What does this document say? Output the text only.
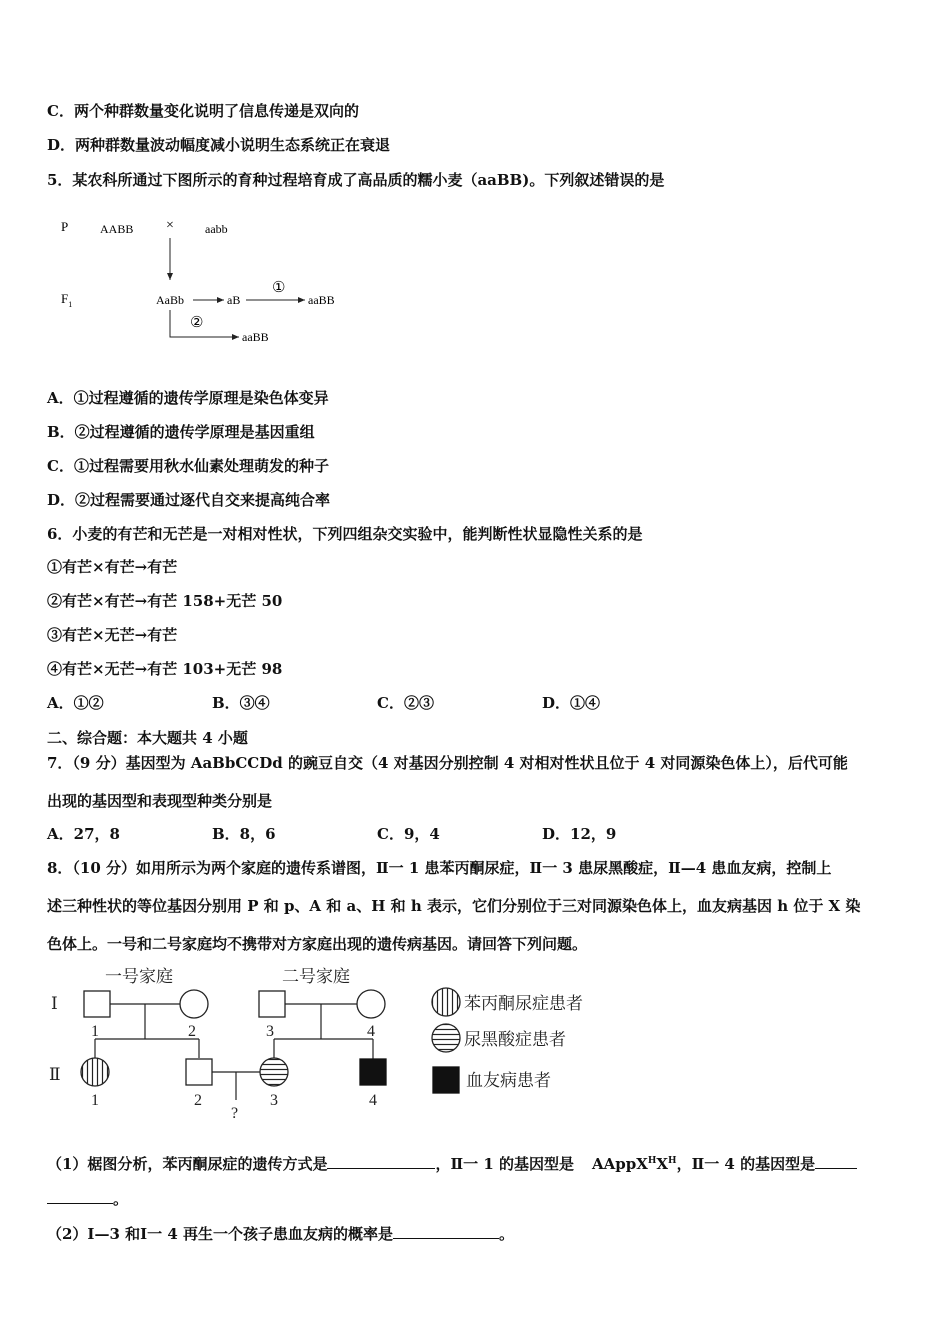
C．两个种群数量变化说明了信息传递是双向的
D．两种群数量波动幅度减小说明生态系统正在衰退
5．某农科所通过下图所示的育种过程培育成了高品质的糯小麦（aaBB)。下列叙述错误的是
P	AABB ×	aabb
$F_1$	AaBb	aB
①
aaBB
②
aaBB
A．①过程遵循的遗传学原理是染色体变异
B．②过程遵循的遗传学原理是基因重组
C．①过程需要用秋水仙素处理萌发的种子
D．②过程需要通过逐代自交来提高纯合率
6．小麦的有芒和无芒是一对相对性状，下列四组杂交实验中，能判断性状显隐性关系的是
①有芒×有芒→有芒
②有芒×有芒→有芒 158+无芒 50
③有芒×无芒→有芒
④有芒×无芒→有芒 103+无芒 98
A．①②	B．③④	C．②③	D．①④
二、综合题：本大题共 4 小题
7．（9 分）基因型为 AaBbCCDd 的豌豆自交（4 对基因分别控制 4 对相对性状且位于 4 对同源染色体上），后代可能
出现的基因型和表现型种类分别是
A．27，8	B．8，6	C．9，4	D．12，9
8．（10 分）如用所示为两个家庭的遗传系谱图，Ⅱ一 1 患苯丙酮尿症，Ⅱ一 3 患尿黑酸症，Ⅱ—4 患血友病，控制上
述三种性状的等位基因分别用 P 和 p、A 和 a、H 和 h 表示，它们分别位于三对同源染色体上，血友病基因 h 位于 X 染
色体上。一号和二号家庭均不携带对方家庭出现的遗传病基因。请回答下列问题。
一号家庭	二号家庭
Ⅰ
Ⅱ
1	2	3	4
1	2	3	4
?
苯丙酮尿症患者
尿黑酸症患者
血友病患者
（1）椐图分析，苯丙酮尿症的遗传方式是	，Ⅱ一 1 的基因型是 $AAppX^HX^H$，Ⅱ一 4 的基因型是
。
（2）Ⅰ—3 和Ⅰ一 4 再生一个孩子患血友病的概率是	。
